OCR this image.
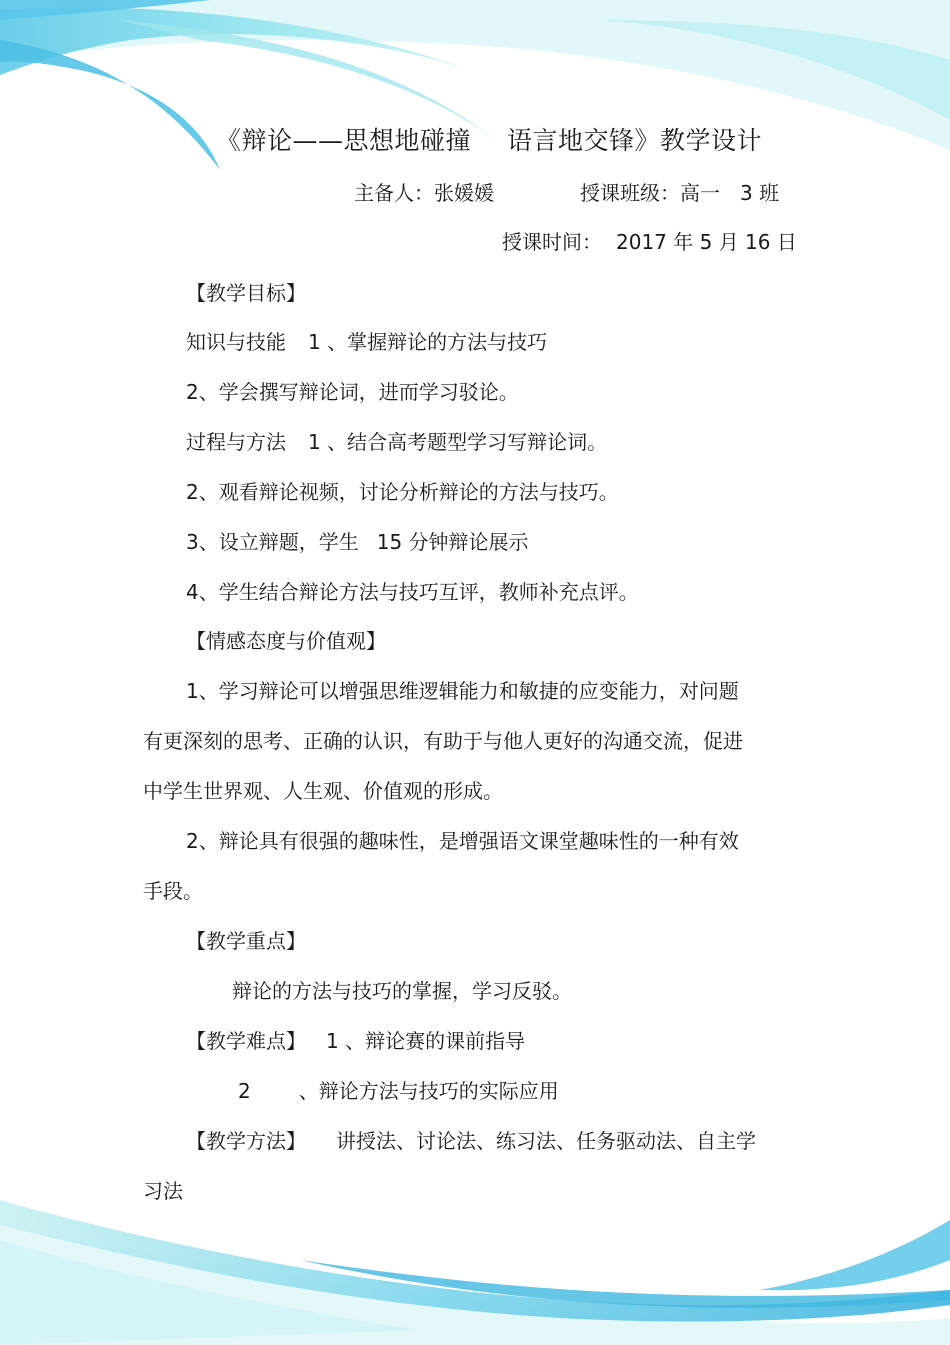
《辩论——思想地碰撞 语言地交锋》教学设计
主备人：张媛媛	授课班级：高一 3 班
授课时间： 2017 年 5 月 16 日
【教学目标】
知识与技能 1 、掌握辩论的方法与技巧
2、学会撰写辩论词，进而学习驳论。
过程与方法 1 、结合高考题型学习写辩论词。
2、观看辩论视频，讨论分析辩论的方法与技巧。
3、设立辩题，学生 15 分钟辩论展示
4、学生结合辩论方法与技巧互评，教师补充点评。
【情感态度与价值观】
1、学习辩论可以增强思维逻辑能力和敏捷的应变能力，对问题
有更深刻的思考、正确的认识，有助于与他人更好的沟通交流，促进
中学生世界观、人生观、价值观的形成。
2、辩论具有很强的趣味性，是增强语文课堂趣味性的一种有效
手段。
【教学重点】
辩论的方法与技巧的掌握，学习反驳。
【教学难点】 1 、辩论赛的课前指导
2 、辩论方法与技巧的实际应用
【教学方法】 讲授法、讨论法、练习法、任务驱动法、自主学
习法
